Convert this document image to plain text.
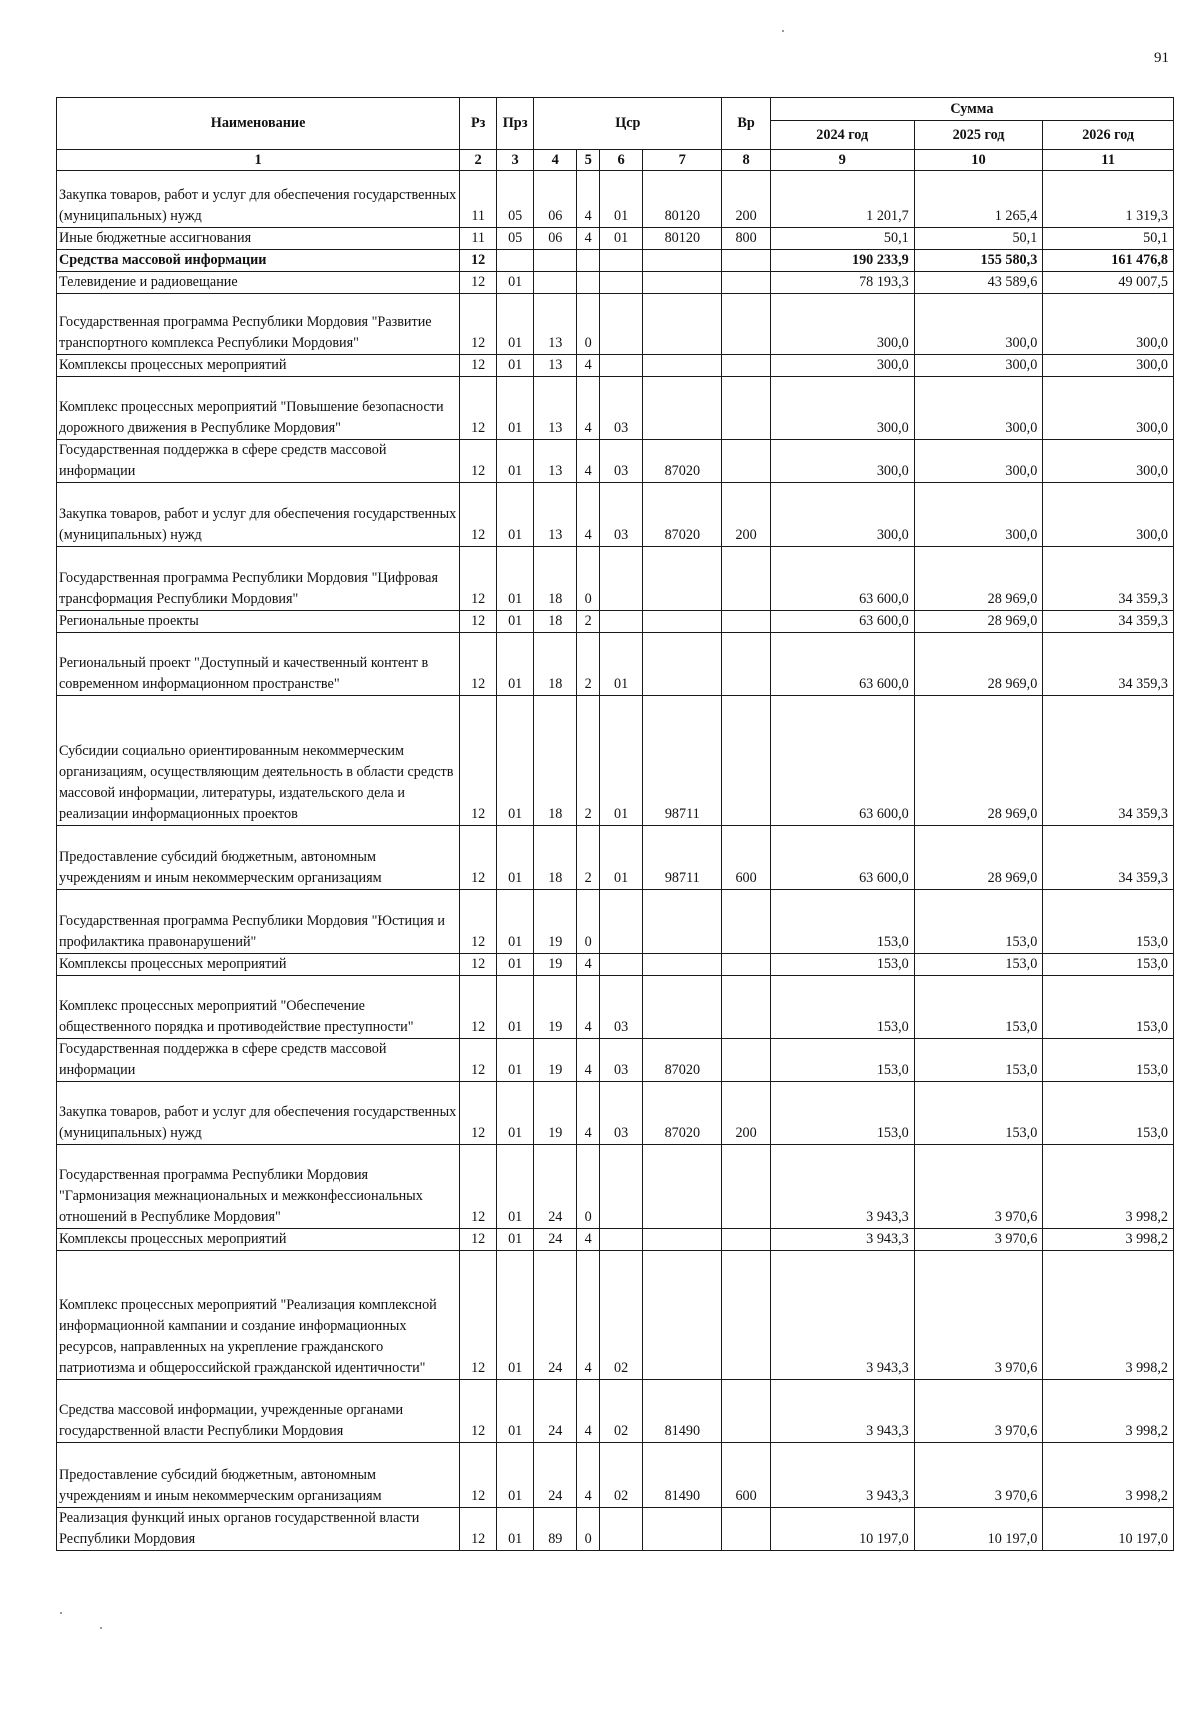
91
Наименование	Рз	Прз	Цср				Вр	Сумма		
								2024 год	2025 год	2026 год
1	2	3	4	5	6	7	8	9	10	11
Закупка товаров, работ и услуг для обеспечения государственных (муниципальных) нужд	11	05	06	4	01	80120	200	1 201,7	1 265,4	1 319,3
Иные бюджетные ассигнования	11	05	06	4	01	80120	800	50,1	50,1	50,1
Средства массовой информации	12							190 233,9	155 580,3	161 476,8
Телевидение и радиовещание	12	01						78 193,3	43 589,6	49 007,5
Государственная программа Республики Мордовия "Развитие транспортного комплекса Республики Мордовия"	12	01	13	0				300,0	300,0	300,0
Комплексы процессных мероприятий	12	01	13	4				300,0	300,0	300,0
Комплекс процессных мероприятий "Повышение безопасности дорожного движения в Республике Мордовия"	12	01	13	4	03			300,0	300,0	300,0
Государственная поддержка в сфере средств массовой информации	12	01	13	4	03	87020		300,0	300,0	300,0
Закупка товаров, работ и услуг для обеспечения государственных (муниципальных) нужд	12	01	13	4	03	87020	200	300,0	300,0	300,0
Государственная программа Республики Мордовия "Цифровая трансформация Республики Мордовия"	12	01	18	0				63 600,0	28 969,0	34 359,3
Региональные проекты	12	01	18	2				63 600,0	28 969,0	34 359,3
Региональный проект "Доступный и качественный контент в современном информационном пространстве"	12	01	18	2	01			63 600,0	28 969,0	34 359,3
Субсидии социально ориентированным некоммерческим организациям, осуществляющим деятельность в области средств массовой информации, литературы, издательского дела и реализации информационных проектов	12	01	18	2	01	98711		63 600,0	28 969,0	34 359,3
Предоставление субсидий бюджетным, автономным учреждениям и иным некоммерческим организациям	12	01	18	2	01	98711	600	63 600,0	28 969,0	34 359,3
Государственная программа Республики Мордовия "Юстиция и профилактика правонарушений"	12	01	19	0				153,0	153,0	153,0
Комплексы процессных мероприятий	12	01	19	4				153,0	153,0	153,0
Комплекс процессных мероприятий "Обеспечение общественного порядка и противодействие преступности"	12	01	19	4	03			153,0	153,0	153,0
Государственная поддержка в сфере средств массовой информации	12	01	19	4	03	87020		153,0	153,0	153,0
Закупка товаров, работ и услуг для обеспечения государственных (муниципальных) нужд	12	01	19	4	03	87020	200	153,0	153,0	153,0
Государственная программа Республики Мордовия "Гармонизация межнациональных и межконфессиональных отношений в Республике Мордовия"	12	01	24	0				3 943,3	3 970,6	3 998,2
Комплексы процессных мероприятий	12	01	24	4				3 943,3	3 970,6	3 998,2
Комплекс процессных мероприятий "Реализация комплексной информационной кампании и создание информационных ресурсов, направленных на укрепление гражданского патриотизма и общероссийской гражданской идентичности"	12	01	24	4	02			3 943,3	3 970,6	3 998,2
Средства массовой информации, учрежденные органами государственной власти Республики Мордовия	12	01	24	4	02	81490		3 943,3	3 970,6	3 998,2
Предоставление субсидий бюджетным, автономным учреждениям и иным некоммерческим организациям	12	01	24	4	02	81490	600	3 943,3	3 970,6	3 998,2
Реализация функций иных органов государственной власти Республики Мордовия	12	01	89	0				10 197,0	10 197,0	10 197,0
